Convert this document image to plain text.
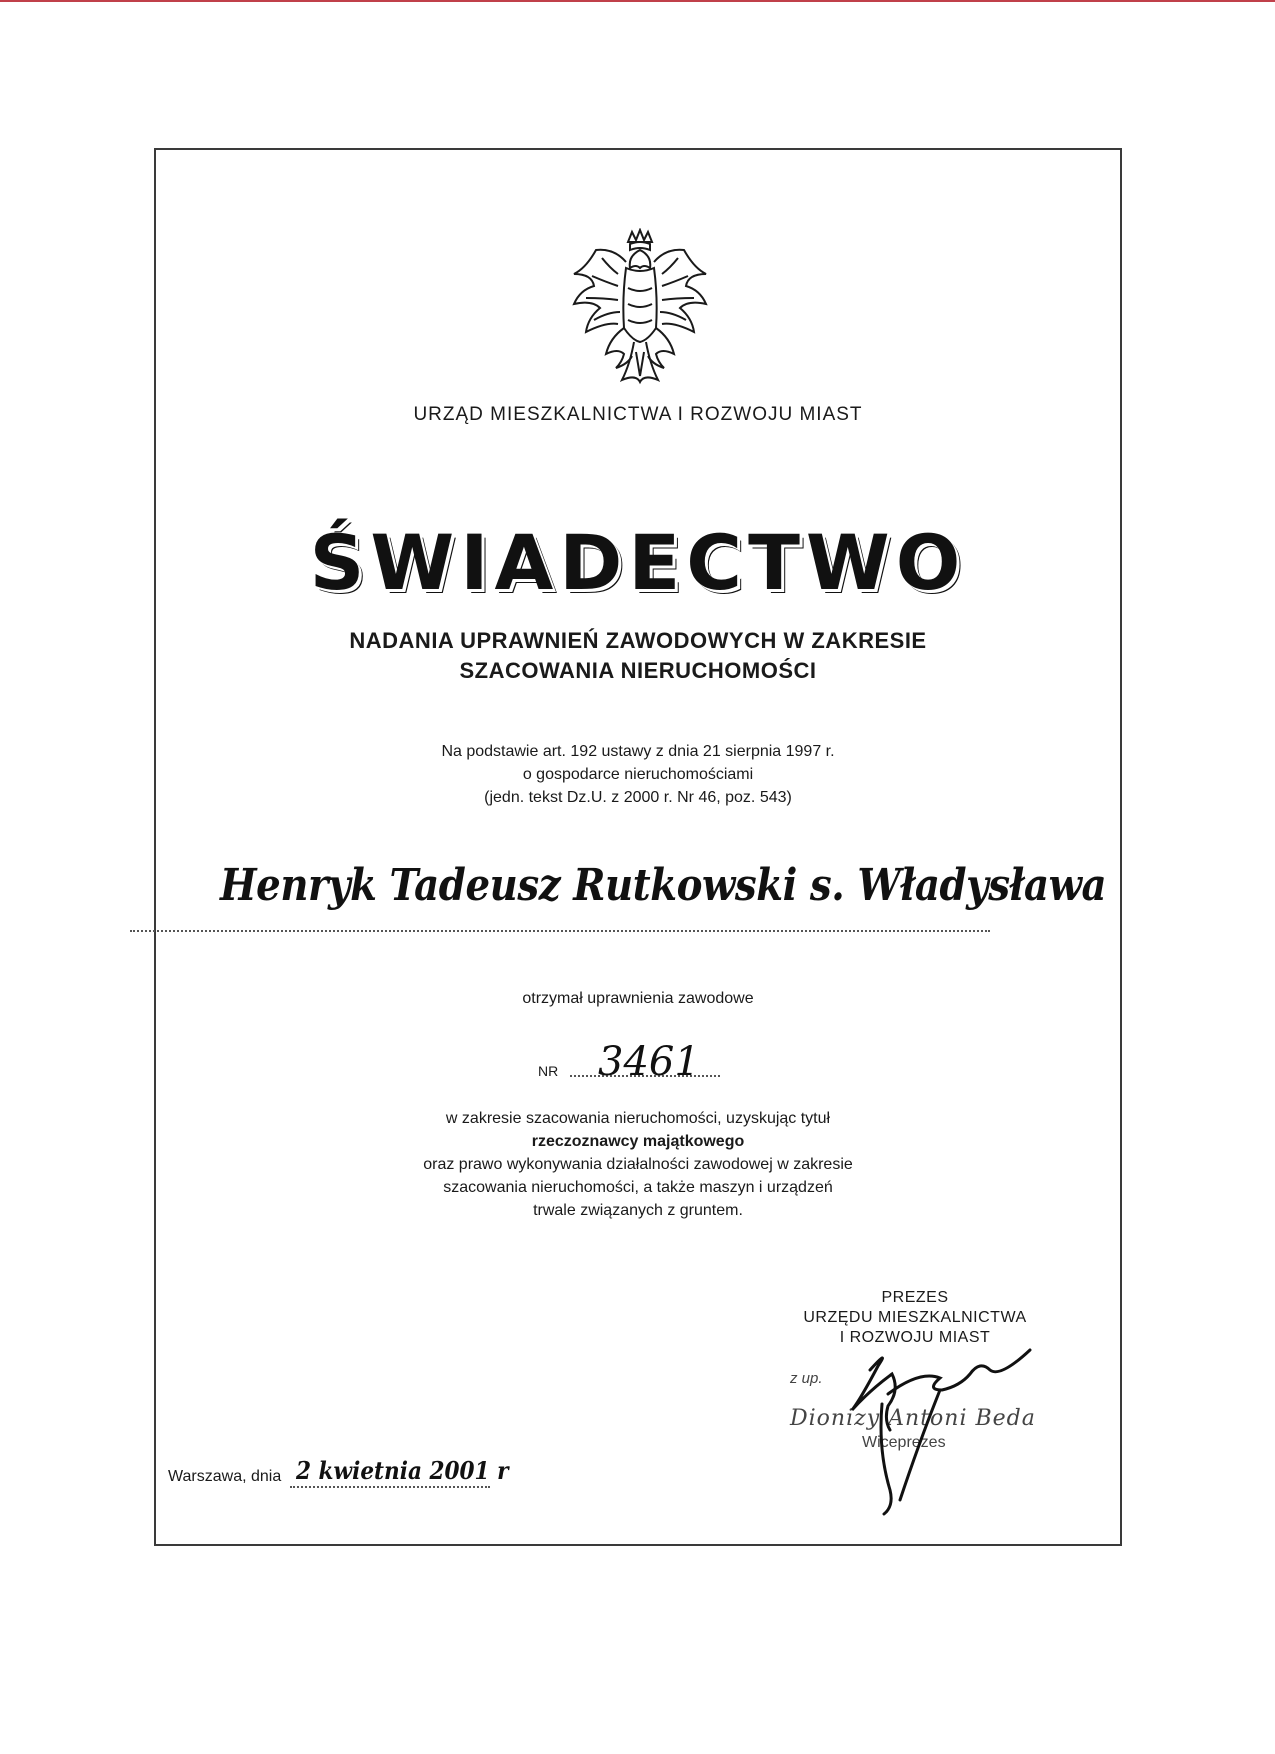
URZĄD MIESZKALNICTWA I ROZWOJU MIAST
ŚWIADECTWO
NADANIA UPRAWNIEŃ ZAWODOWYCH W ZAKRESIE
SZACOWANIA NIERUCHOMOŚCI
Na podstawie art. 192 ustawy z dnia 21 sierpnia 1997 r.
o gospodarce nieruchomościami
(jedn. tekst Dz.U. z 2000 r. Nr 46, poz. 543)
Henryk Tadeusz Rutkowski s. Władysława
otrzymał uprawnienia zawodowe
NR 3461
w zakresie szacowania nieruchomości, uzyskując tytuł
rzeczoznawcy majątkowego
oraz prawo wykonywania działalności zawodowej w zakresie
szacowania nieruchomości, a także maszyn i urządzeń
trwale związanych z gruntem.
PREZES
URZĘDU MIESZKALNICTWA
I ROZWOJU MIAST
z up.
Dionizy Antoni Beda
Wiceprezes
Warszawa, dnia 2 kwietnia 2001 r
